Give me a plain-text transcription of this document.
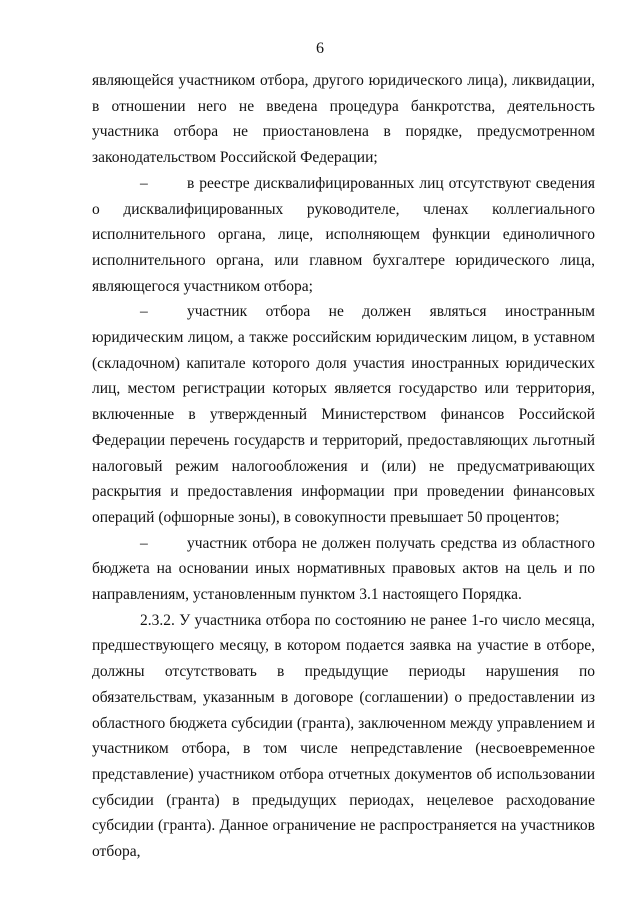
6

являющейся участником отбора, другого юридического лица), ликвидации, в отношении него не введена процедура банкротства, деятельность участника отбора не приостановлена в порядке, предусмотренном законодательством Российской Федерации;

–	в реестре дисквалифицированных лиц отсутствуют сведения о дисквалифицированных руководителе, членах коллегиального исполнительного органа, лице, исполняющем функции единоличного исполнительного органа, или главном бухгалтере юридического лица, являющегося участником отбора;

–	участник отбора не должен являться иностранным юридическим лицом, а также российским юридическим лицом, в уставном (складочном) капитале которого доля участия иностранных юридических лиц, местом регистрации которых является государство или территория, включенные в утвержденный Министерством финансов Российской Федерации перечень государств и территорий, предоставляющих льготный налоговый режим налогообложения и (или) не предусматривающих раскрытия и предоставления информации при проведении финансовых операций (офшорные зоны), в совокупности превышает 50 процентов;

–	участник отбора не должен получать средства из областного бюджета на основании иных нормативных правовых актов на цель и по направлениям, установленным пунктом 3.1 настоящего Порядка.

2.3.2. У участника отбора по состоянию не ранее 1-го число месяца, предшествующего месяцу, в котором подается заявка на участие в отборе, должны отсутствовать в предыдущие периоды нарушения по обязательствам, указанным в договоре (соглашении) о предоставлении из областного бюджета субсидии (гранта), заключенном между управлением и участником отбора, в том числе непредставление (несвоевременное представление) участником отбора отчетных документов об использовании субсидии (гранта) в предыдущих периодах, нецелевое расходование субсидии (гранта). Данное ограничение не распространяется на участников отбора,
